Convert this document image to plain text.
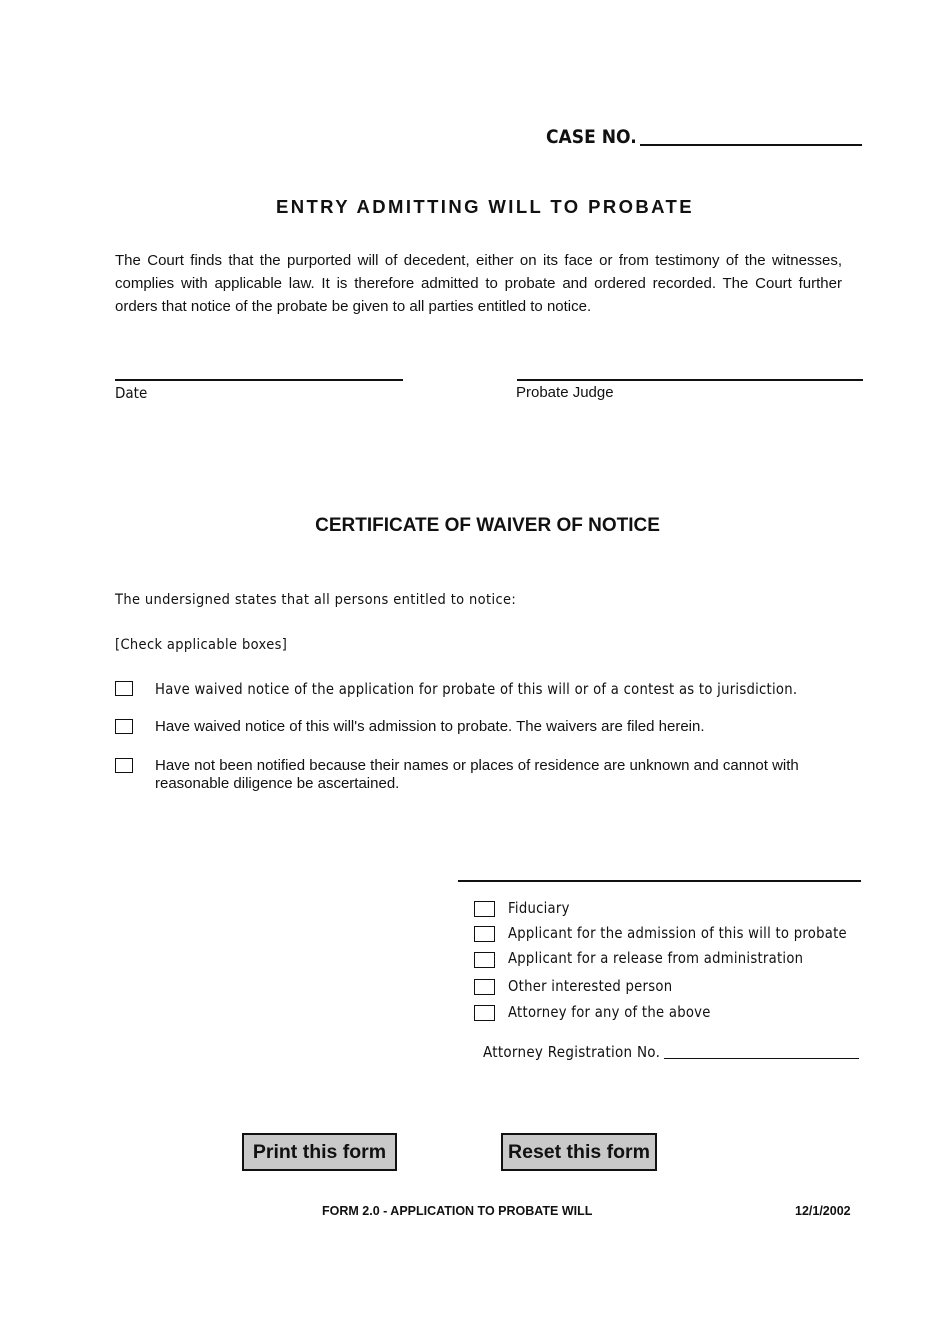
CASE NO.
ENTRY ADMITTING WILL TO PROBATE
The Court finds that the purported will of decedent, either on its face or from testimony of the witnesses, complies with applicable law. It is therefore admitted to probate and ordered recorded. The Court further orders that notice of the probate be given to all parties entitled to notice.
Date	Probate Judge
CERTIFICATE OF WAIVER OF NOTICE
The undersigned states that all persons entitled to notice:
[Check applicable boxes]
Have waived notice of the application for probate of this will or of a contest as to jurisdiction.
Have waived notice of this will's admission to probate. The waivers are filed herein.
Have not been notified because their names or places of residence are unknown and cannot with reasonable diligence be ascertained.
Fiduciary
Applicant for the admission of this will to probate
Applicant for a release from administration
Other interested person
Attorney for any of the above
Attorney Registration No.
Print this form	Reset this form
FORM 2.0 - APPLICATION TO PROBATE WILL	12/1/2002
